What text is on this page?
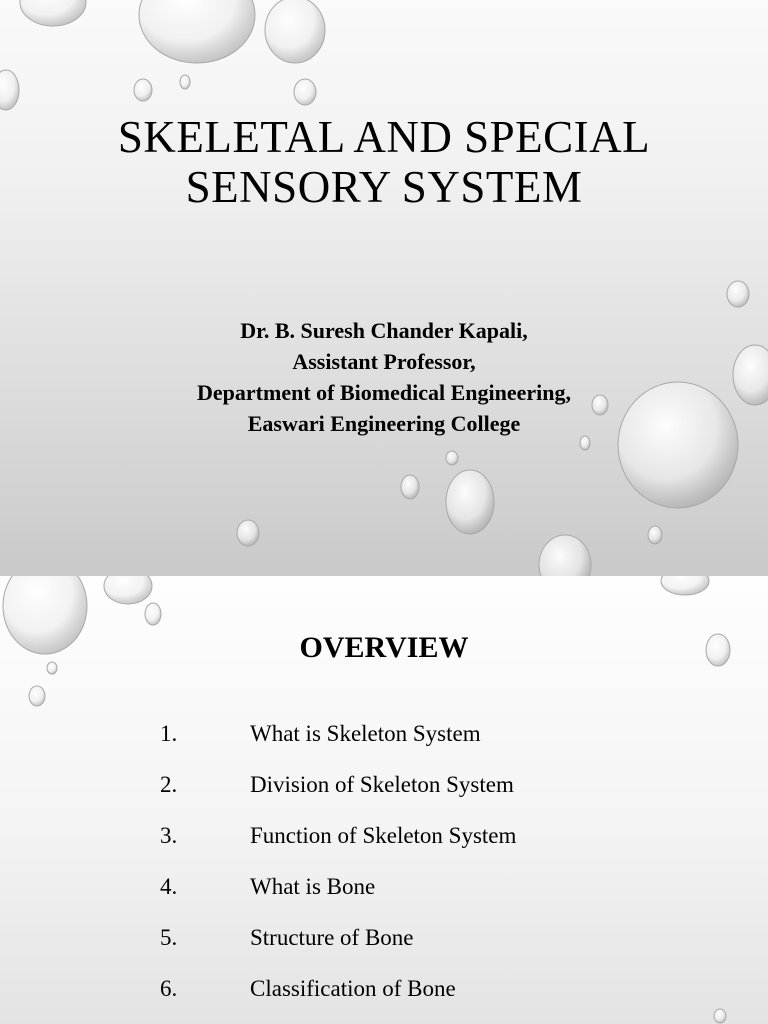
SKELETAL AND SPECIAL
SENSORY SYSTEM
Dr. B. Suresh Chander Kapali,
Assistant Professor,
Department of Biomedical Engineering,
Easwari Engineering College
OVERVIEW
1.	What is Skeleton System
2.	Division of Skeleton System
3.	Function of Skeleton System
4.	What is Bone
5.	Structure of Bone
6.	Classification of Bone
